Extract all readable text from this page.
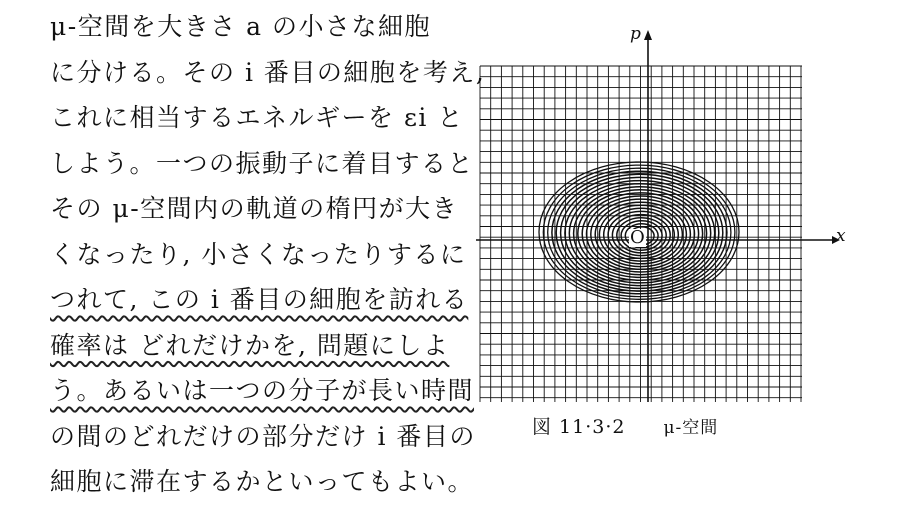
μ-空間を大きさ a の小さな細胞
に分ける。その i 番目の細胞を考え,
これに相当するエネルギーを εi と
しよう。一つの振動子に着目すると
その μ-空間内の軌道の楕円が大き
くなったり, 小さくなったりするに
つれて, この i 番目の細胞を訪れる
確率は どれだけかを, 問題にしよ
う。あるいは一つの分子が長い時間
の間のどれだけの部分だけ i 番目の
細胞に滞在するかといってもよい。
x
p
O
図 11·3·2 μ-空間
